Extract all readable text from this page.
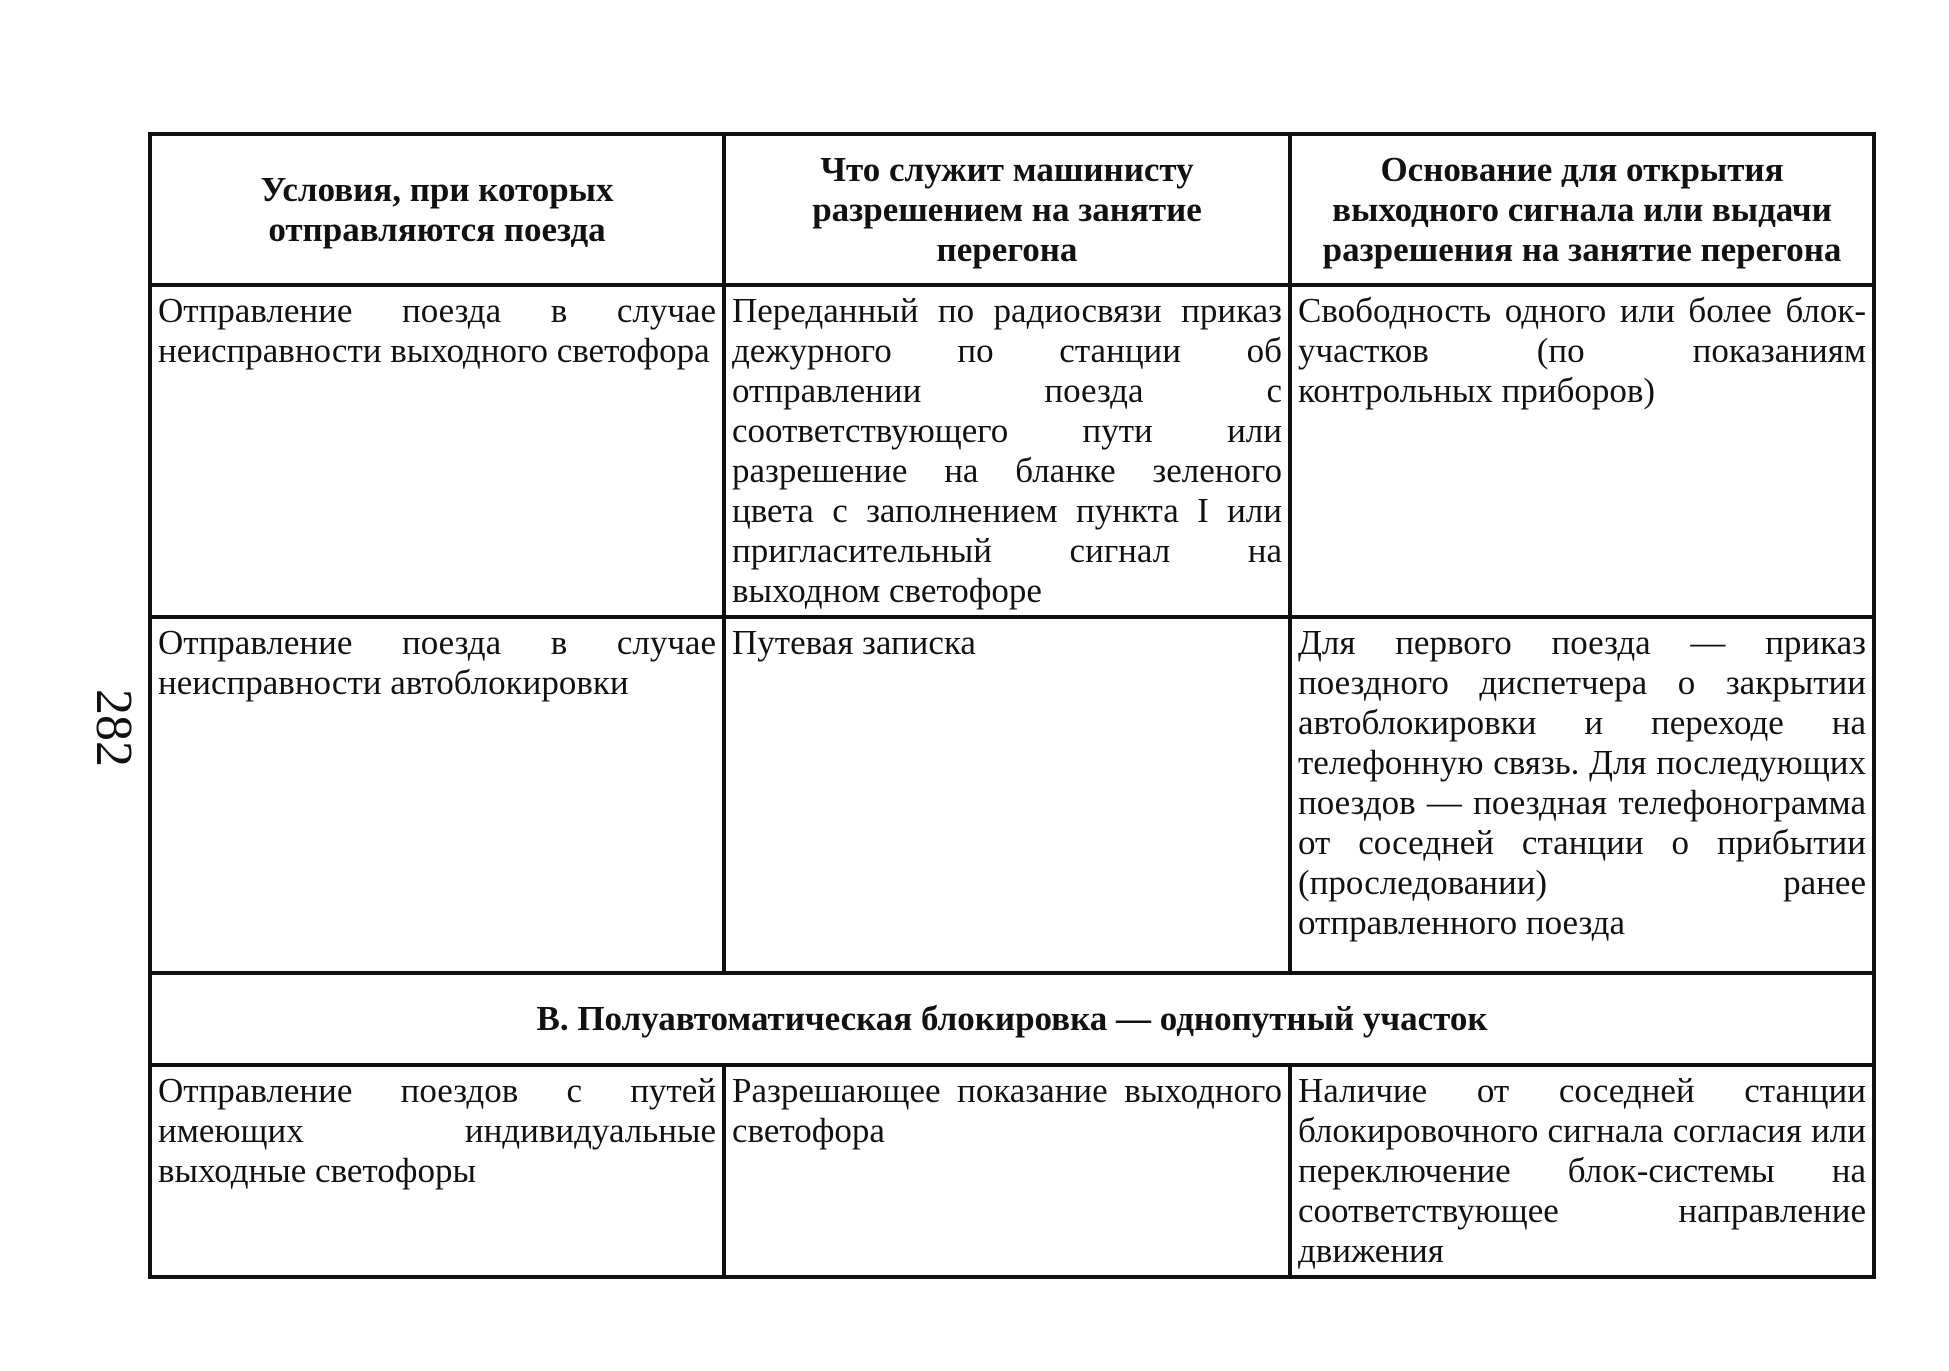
282
Условия, при которых отправляются поезда	Что служит машинисту разрешением на занятие перегона	Основание для открытия выходного сигнала или выдачи разрешения на занятие перегона
Отправление поезда в случае неисправности выходного светофора	Переданный по радиосвязи приказ дежурного по станции об отправлении поезда с соответствующего пути или разрешение на бланке зеленого цвета с заполнением пункта I или пригласительный сигнал на выходном светофоре	Свободность одного или более блок-участков (по показаниям контрольных приборов)
Отправление поезда в случае неисправности автоблокировки	Путевая записка	Для первого поезда — приказ поездного диспетчера о закрытии автоблокировки и переходе на телефонную связь. Для последующих поездов — поездная телефонограмма от соседней станции о прибытии (проследовании) ранее отправленного поезда
В. Полуавтоматическая блокировка — однопутный участок		
Отправление поездов с путей имеющих индивидуальные выходные светофоры	Разрешающее показание выходного светофора	Наличие от соседней станции блокировочного сигнала согласия или переключение блок-системы на соответствующее направление движения
